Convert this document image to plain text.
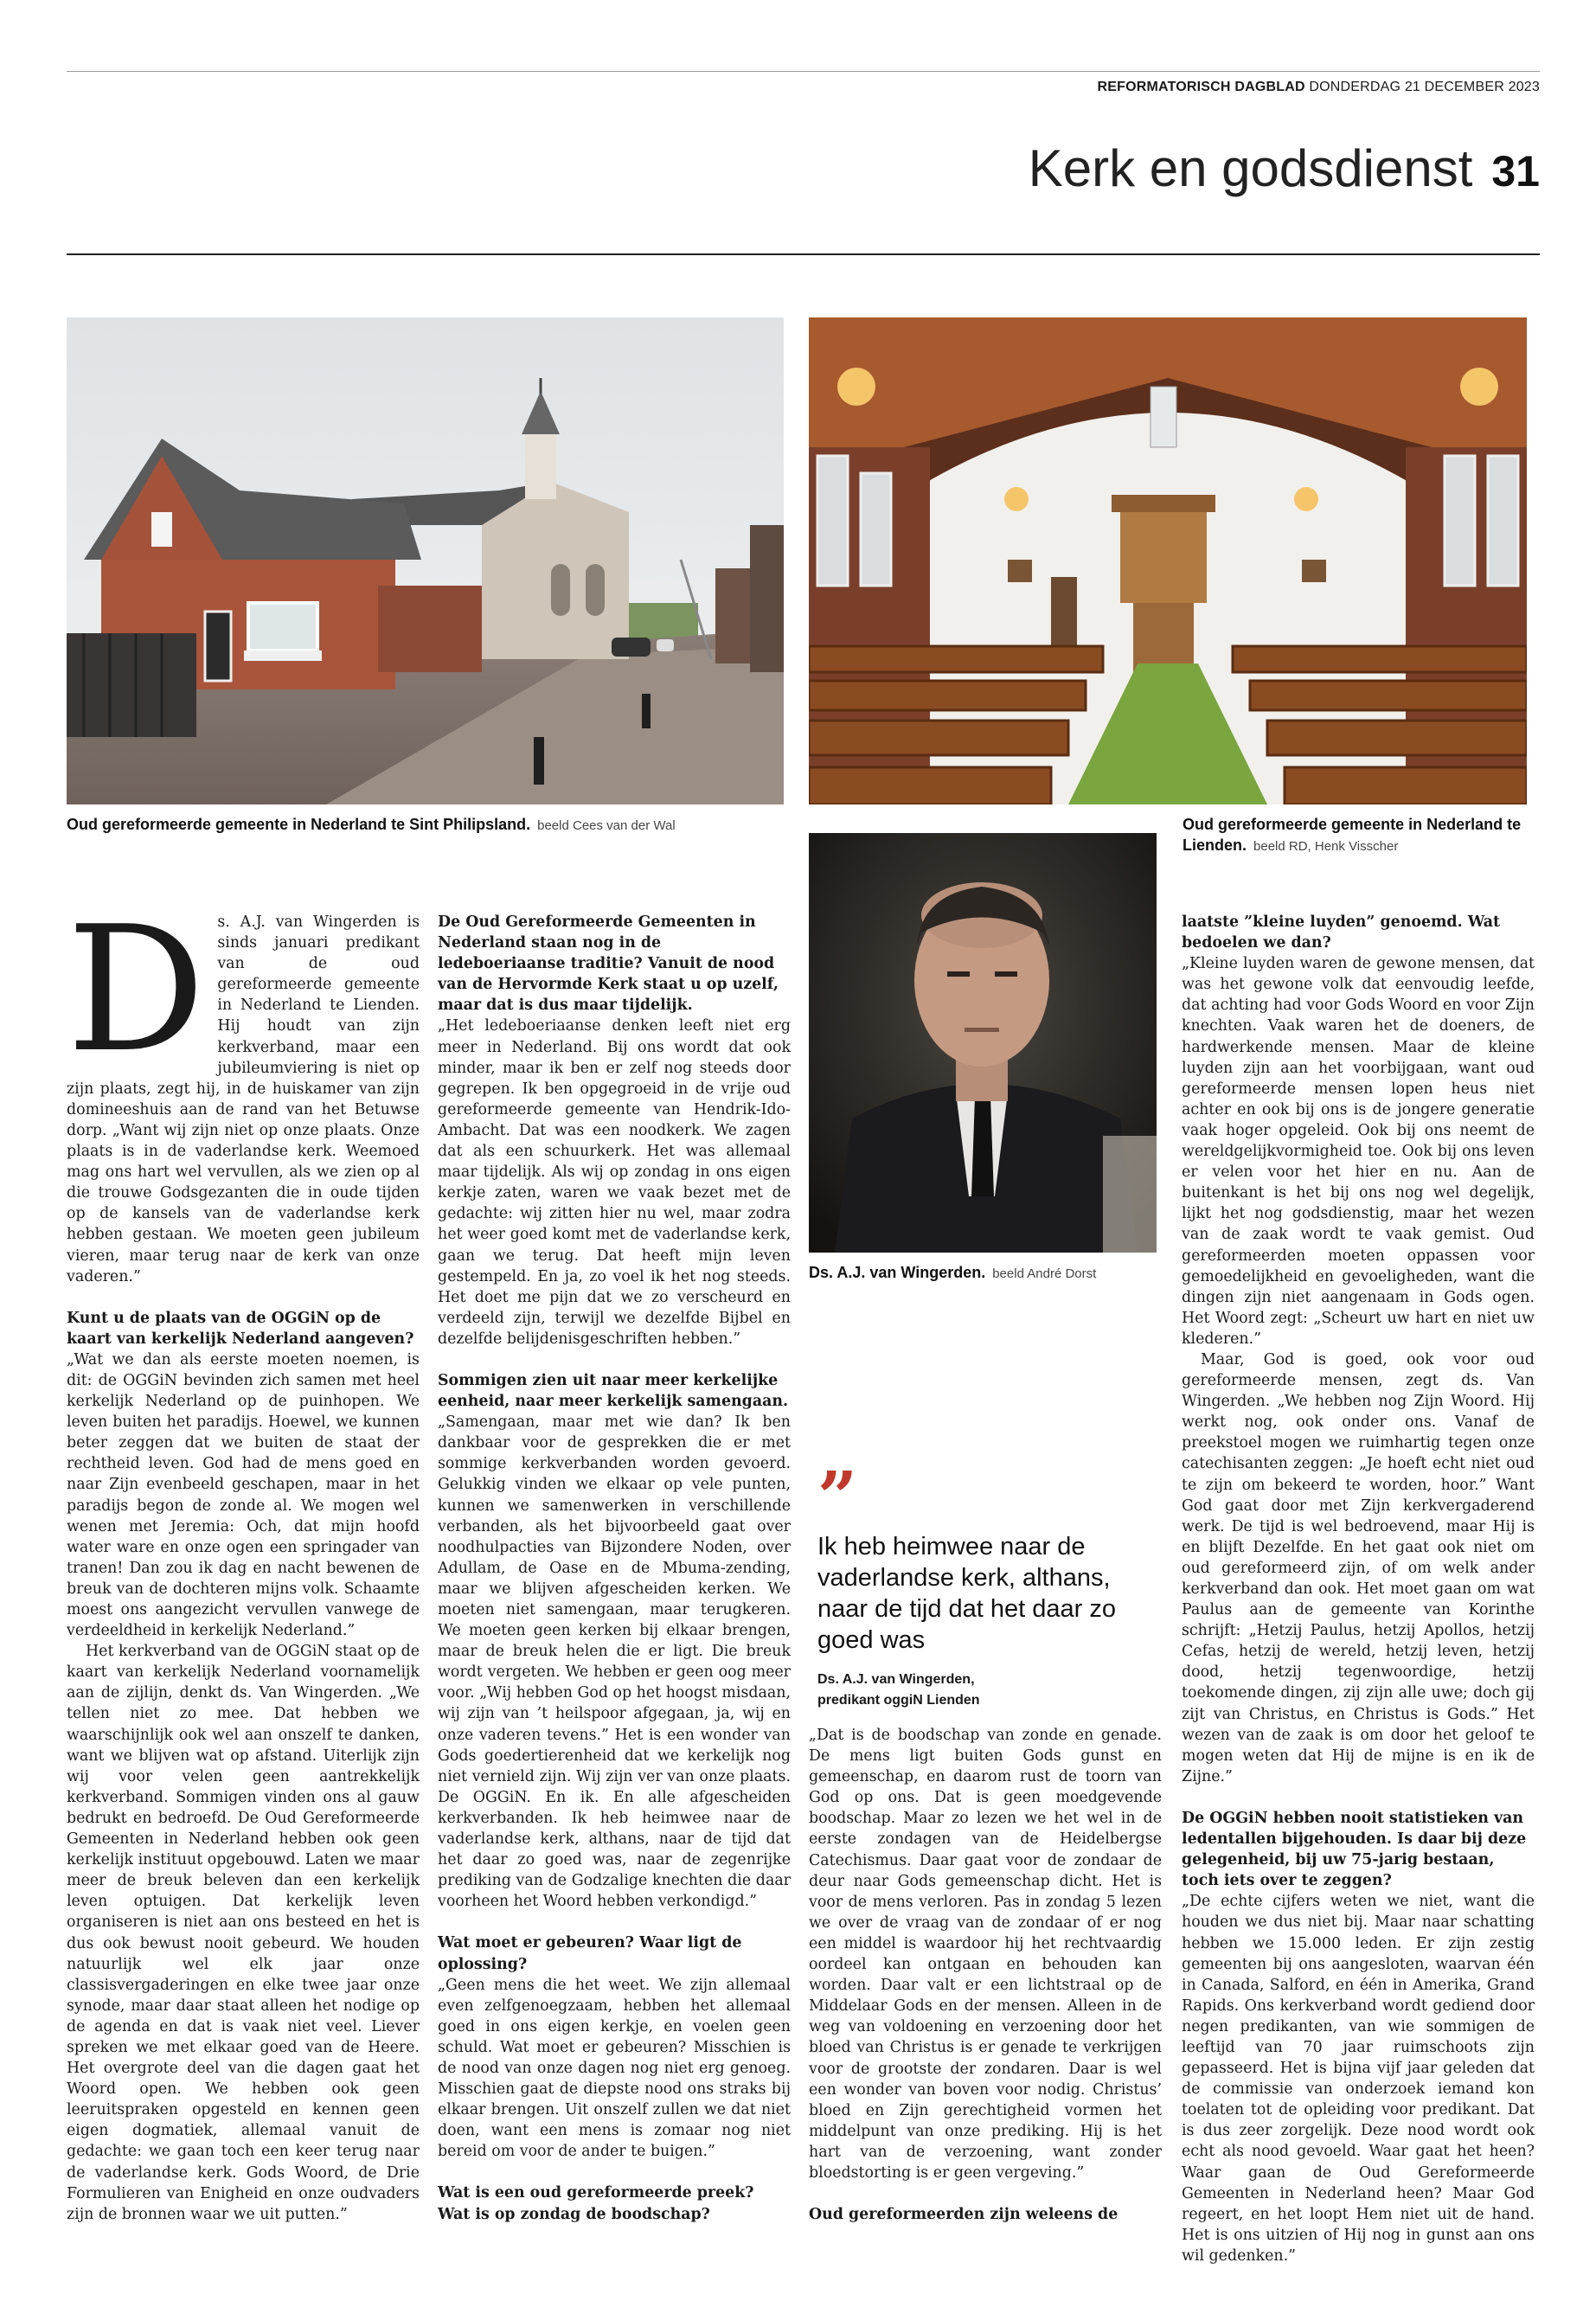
REFORMATORISCH DAGBLAD DONDERDAG 21 DECEMBER 2023
Kerk en godsdienst 31
Oud gereformeerde gemeente in Nederland te Sint Philipsland. beeld Cees van der Wal	Oud gereformeerde gemeente in Nederland te Lienden. beeld RD, Henk Visscher
Ds. A.J. van Wingerden. beeld André Dorst
D s. A.J. van Wingerden is sinds januari predikant van de oud gereformeerde gemeente in Nederland te Lienden. Hij houdt van zijn kerkverband, maar een jubileumviering is niet op zijn plaats, zegt hij, in de huiskamer van zijn domineeshuis aan de rand van het Betuwse dorp. „Want wij zijn niet op onze plaats. Onze plaats is in de vaderlandse kerk. Weemoed mag ons hart wel vervullen, als we zien op al die trouwe Godsgezanten die in oude tijden op de kansels van de vaderlandse kerk hebben gestaan. We moeten geen jubileum vieren, maar terug naar de kerk van onze vaderen.”

Kunt u de plaats van de OGGiN op de kaart van kerkelijk Nederland aangeven?

„Wat we dan als eerste moeten noemen, is dit: de OGGiN bevinden zich samen met heel kerkelijk Nederland op de puinhopen. We leven buiten het paradijs. Hoewel, we kunnen beter zeggen dat we buiten de staat der rechtheid leven. God had de mens goed en naar Zijn evenbeeld geschapen, maar in het paradijs begon de zonde al. We mogen wel wenen met Jeremia: Och, dat mijn hoofd water ware en onze ogen een springader van tranen! Dan zou ik dag en nacht bewenen de breuk van de dochteren mijns volk. Schaamte moest ons aangezicht vervullen vanwege de verdeeldheid in kerkelijk Nederland.”

Het kerkverband van de OGGiN staat op de kaart van kerkelijk Nederland voornamelijk aan de zijlijn, denkt ds. Van Wingerden. „We tellen niet zo mee. Dat hebben we waarschijnlijk ook wel aan onszelf te danken, want we blijven wat op afstand. Uiterlijk zijn wij voor velen geen aantrekkelijk kerkverband. Sommigen vinden ons al gauw bedrukt en bedroefd. De Oud Gereformeerde Gemeenten in Nederland hebben ook geen kerkelijk instituut opgebouwd. Laten we maar meer de breuk beleven dan een kerkelijk leven optuigen. Dat kerkelijk leven organiseren is niet aan ons besteed en het is dus ook bewust nooit gebeurd. We houden natuurlijk wel elk jaar onze classisvergaderingen en elke twee jaar onze synode, maar daar staat alleen het nodige op de agenda en dat is vaak niet veel. Liever spreken we met elkaar goed van de Heere. Het overgrote deel van die dagen gaat het Woord open. We hebben ook geen leeruitspraken opgesteld en kennen geen eigen dogmatiek, allemaal vanuit de gedachte: we gaan toch een keer terug naar de vaderlandse kerk. Gods Woord, de Drie Formulieren van Enigheid en onze oudvaders zijn de bronnen waar we uit putten.”

De Oud Gereformeerde Gemeenten in Nederland staan nog in de ledeboeriaanse traditie? Vanuit de nood van de Hervormde Kerk staat u op uzelf, maar dat is dus maar tijdelijk.

„Het ledeboeriaanse denken leeft niet erg meer in Nederland. Bij ons wordt dat ook minder, maar ik ben er zelf nog steeds door gegrepen. Ik ben opgegroeid in de vrije oud gereformeerde gemeente van Hendrik-Ido-Ambacht. Dat was een noodkerk. We zagen dat als een schuurkerk. Het was allemaal maar tijdelijk. Als wij op zondag in ons eigen kerkje zaten, waren we vaak bezet met de gedachte: wij zitten hier nu wel, maar zodra het weer goed komt met de vaderlandse kerk, gaan we terug. Dat heeft mijn leven gestempeld. En ja, zo voel ik het nog steeds. Het doet me pijn dat we zo verscheurd en verdeeld zijn, terwijl we dezelfde Bijbel en dezelfde belijdenisgeschriften hebben.”

Sommigen zien uit naar meer kerkelijke eenheid, naar meer kerkelijk samengaan.

„Samengaan, maar met wie dan? Ik ben dankbaar voor de gesprekken die er met sommige kerkverbanden worden gevoerd. Gelukkig vinden we elkaar op vele punten, kunnen we samenwerken in verschillende verbanden, als het bijvoorbeeld gaat over noodhulpacties van Bijzondere Noden, over Adullam, de Oase en de Mbuma-zending, maar we blijven afgescheiden kerken. We moeten niet samengaan, maar terugkeren. We moeten geen kerken bij elkaar brengen, maar de breuk helen die er ligt. Die breuk wordt vergeten. We hebben er geen oog meer voor. „Wij hebben God op het hoogst misdaan, wij zijn van ’t heilspoor afgegaan, ja, wij en onze vaderen tevens.” Het is een wonder van Gods goedertierenheid dat we kerkelijk nog niet vernield zijn. Wij zijn ver van onze plaats. De OGGiN. En ik. En alle afgescheiden kerkverbanden. Ik heb heimwee naar de vaderlandse kerk, althans, naar de tijd dat het daar zo goed was, naar de zegenrijke prediking van de Godzalige knechten die daar voorheen het Woord hebben verkondigd.”

Wat moet er gebeuren? Waar ligt de oplossing?

„Geen mens die het weet. We zijn allemaal even zelfgenoegzaam, hebben het allemaal goed in ons eigen kerkje, en voelen geen schuld. Wat moet er gebeuren? Misschien is de nood van onze dagen nog niet erg genoeg. Misschien gaat de diepste nood ons straks bij elkaar brengen. Uit onszelf zullen we dat niet doen, want een mens is zomaar nog niet bereid om voor de ander te buigen.”

Wat is een oud gereformeerde preek? Wat is op zondag de boodschap?

”
Ik heb heimwee naar de vaderlandse kerk, althans, naar de tijd dat het daar zo goed was
Ds. A.J. van Wingerden,
predikant oggiN Lienden

„Dat is de boodschap van zonde en genade. De mens ligt buiten Gods gunst en gemeenschap, en daarom rust de toorn van God op ons. Dat is geen moedgevende boodschap. Maar zo lezen we het wel in de eerste zondagen van de Heidelbergse Catechismus. Daar gaat voor de zondaar de deur naar Gods gemeenschap dicht. Het is voor de mens verloren. Pas in zondag 5 lezen we over de vraag van de zondaar of er nog een middel is waardoor hij het rechtvaardig oordeel kan ontgaan en behouden kan worden. Daar valt er een lichtstraal op de Middelaar Gods en der mensen. Alleen in de weg van voldoening en verzoening door het bloed van Christus is er genade te verkrijgen voor de grootste der zondaren. Daar is wel een wonder van boven voor nodig. Christus’ bloed en Zijn gerechtigheid vormen het middelpunt van onze prediking. Hij is het hart van de verzoening, want zonder bloedstorting is er geen vergeving.”

Oud gereformeerden zijn weleens de

laatste ”kleine luyden” genoemd. Wat bedoelen we dan?

„Kleine luyden waren de gewone mensen, dat was het gewone volk dat eenvoudig leefde, dat achting had voor Gods Woord en voor Zijn knechten. Vaak waren het de doeners, de hardwerkende mensen. Maar de kleine luyden zijn aan het voorbijgaan, want oud gereformeerde mensen lopen heus niet achter en ook bij ons is de jongere generatie vaak hoger opgeleid. Ook bij ons neemt de wereldgelijkvormigheid toe. Ook bij ons leven er velen voor het hier en nu. Aan de buitenkant is het bij ons nog wel degelijk, lijkt het nog godsdienstig, maar het wezen van de zaak wordt te vaak gemist. Oud gereformeerden moeten oppassen voor gemoedelijkheid en gevoeligheden, want die dingen zijn niet aangenaam in Gods ogen. Het Woord zegt: „Scheurt uw hart en niet uw klederen.”

Maar, God is goed, ook voor oud gereformeerde mensen, zegt ds. Van Wingerden. „We hebben nog Zijn Woord. Hij werkt nog, ook onder ons. Vanaf de preekstoel mogen we ruimhartig tegen onze catechisanten zeggen: „Je hoeft echt niet oud te zijn om bekeerd te worden, hoor.” Want God gaat door met Zijn kerkvergaderend werk. De tijd is wel bedroevend, maar Hij is en blijft Dezelfde. En het gaat ook niet om oud gereformeerd zijn, of om welk ander kerkverband dan ook. Het moet gaan om wat Paulus aan de gemeente van Korinthe schrijft: „Hetzij Paulus, hetzij Apollos, hetzij Cefas, hetzij de wereld, hetzij leven, hetzij dood, hetzij tegenwoordige, hetzij toekomende dingen, zij zijn alle uwe; doch gij zijt van Christus, en Christus is Gods.” Het wezen van de zaak is om door het geloof te mogen weten dat Hij de mijne is en ik de Zijne.”

De OGGiN hebben nooit statistieken van ledentallen bijgehouden. Is daar bij deze gelegenheid, bij uw 75-jarig bestaan, toch iets over te zeggen?

„De echte cijfers weten we niet, want die houden we dus niet bij. Maar naar schatting hebben we 15.000 leden. Er zijn zestig gemeenten bij ons aangesloten, waarvan één in Canada, Salford, en één in Amerika, Grand Rapids. Ons kerkverband wordt gediend door negen predikanten, van wie sommigen de leeftijd van 70 jaar ruimschoots zijn gepasseerd. Het is bijna vijf jaar geleden dat de commissie van onderzoek iemand kon toelaten tot de opleiding voor predikant. Dat is dus zeer zorgelijk. Deze nood wordt ook echt als nood gevoeld. Waar gaat het heen? Waar gaan de Oud Gereformeerde Gemeenten in Nederland heen? Maar God regeert, en het loopt Hem niet uit de hand. Het is ons uitzien of Hij nog in gunst aan ons wil gedenken.”
